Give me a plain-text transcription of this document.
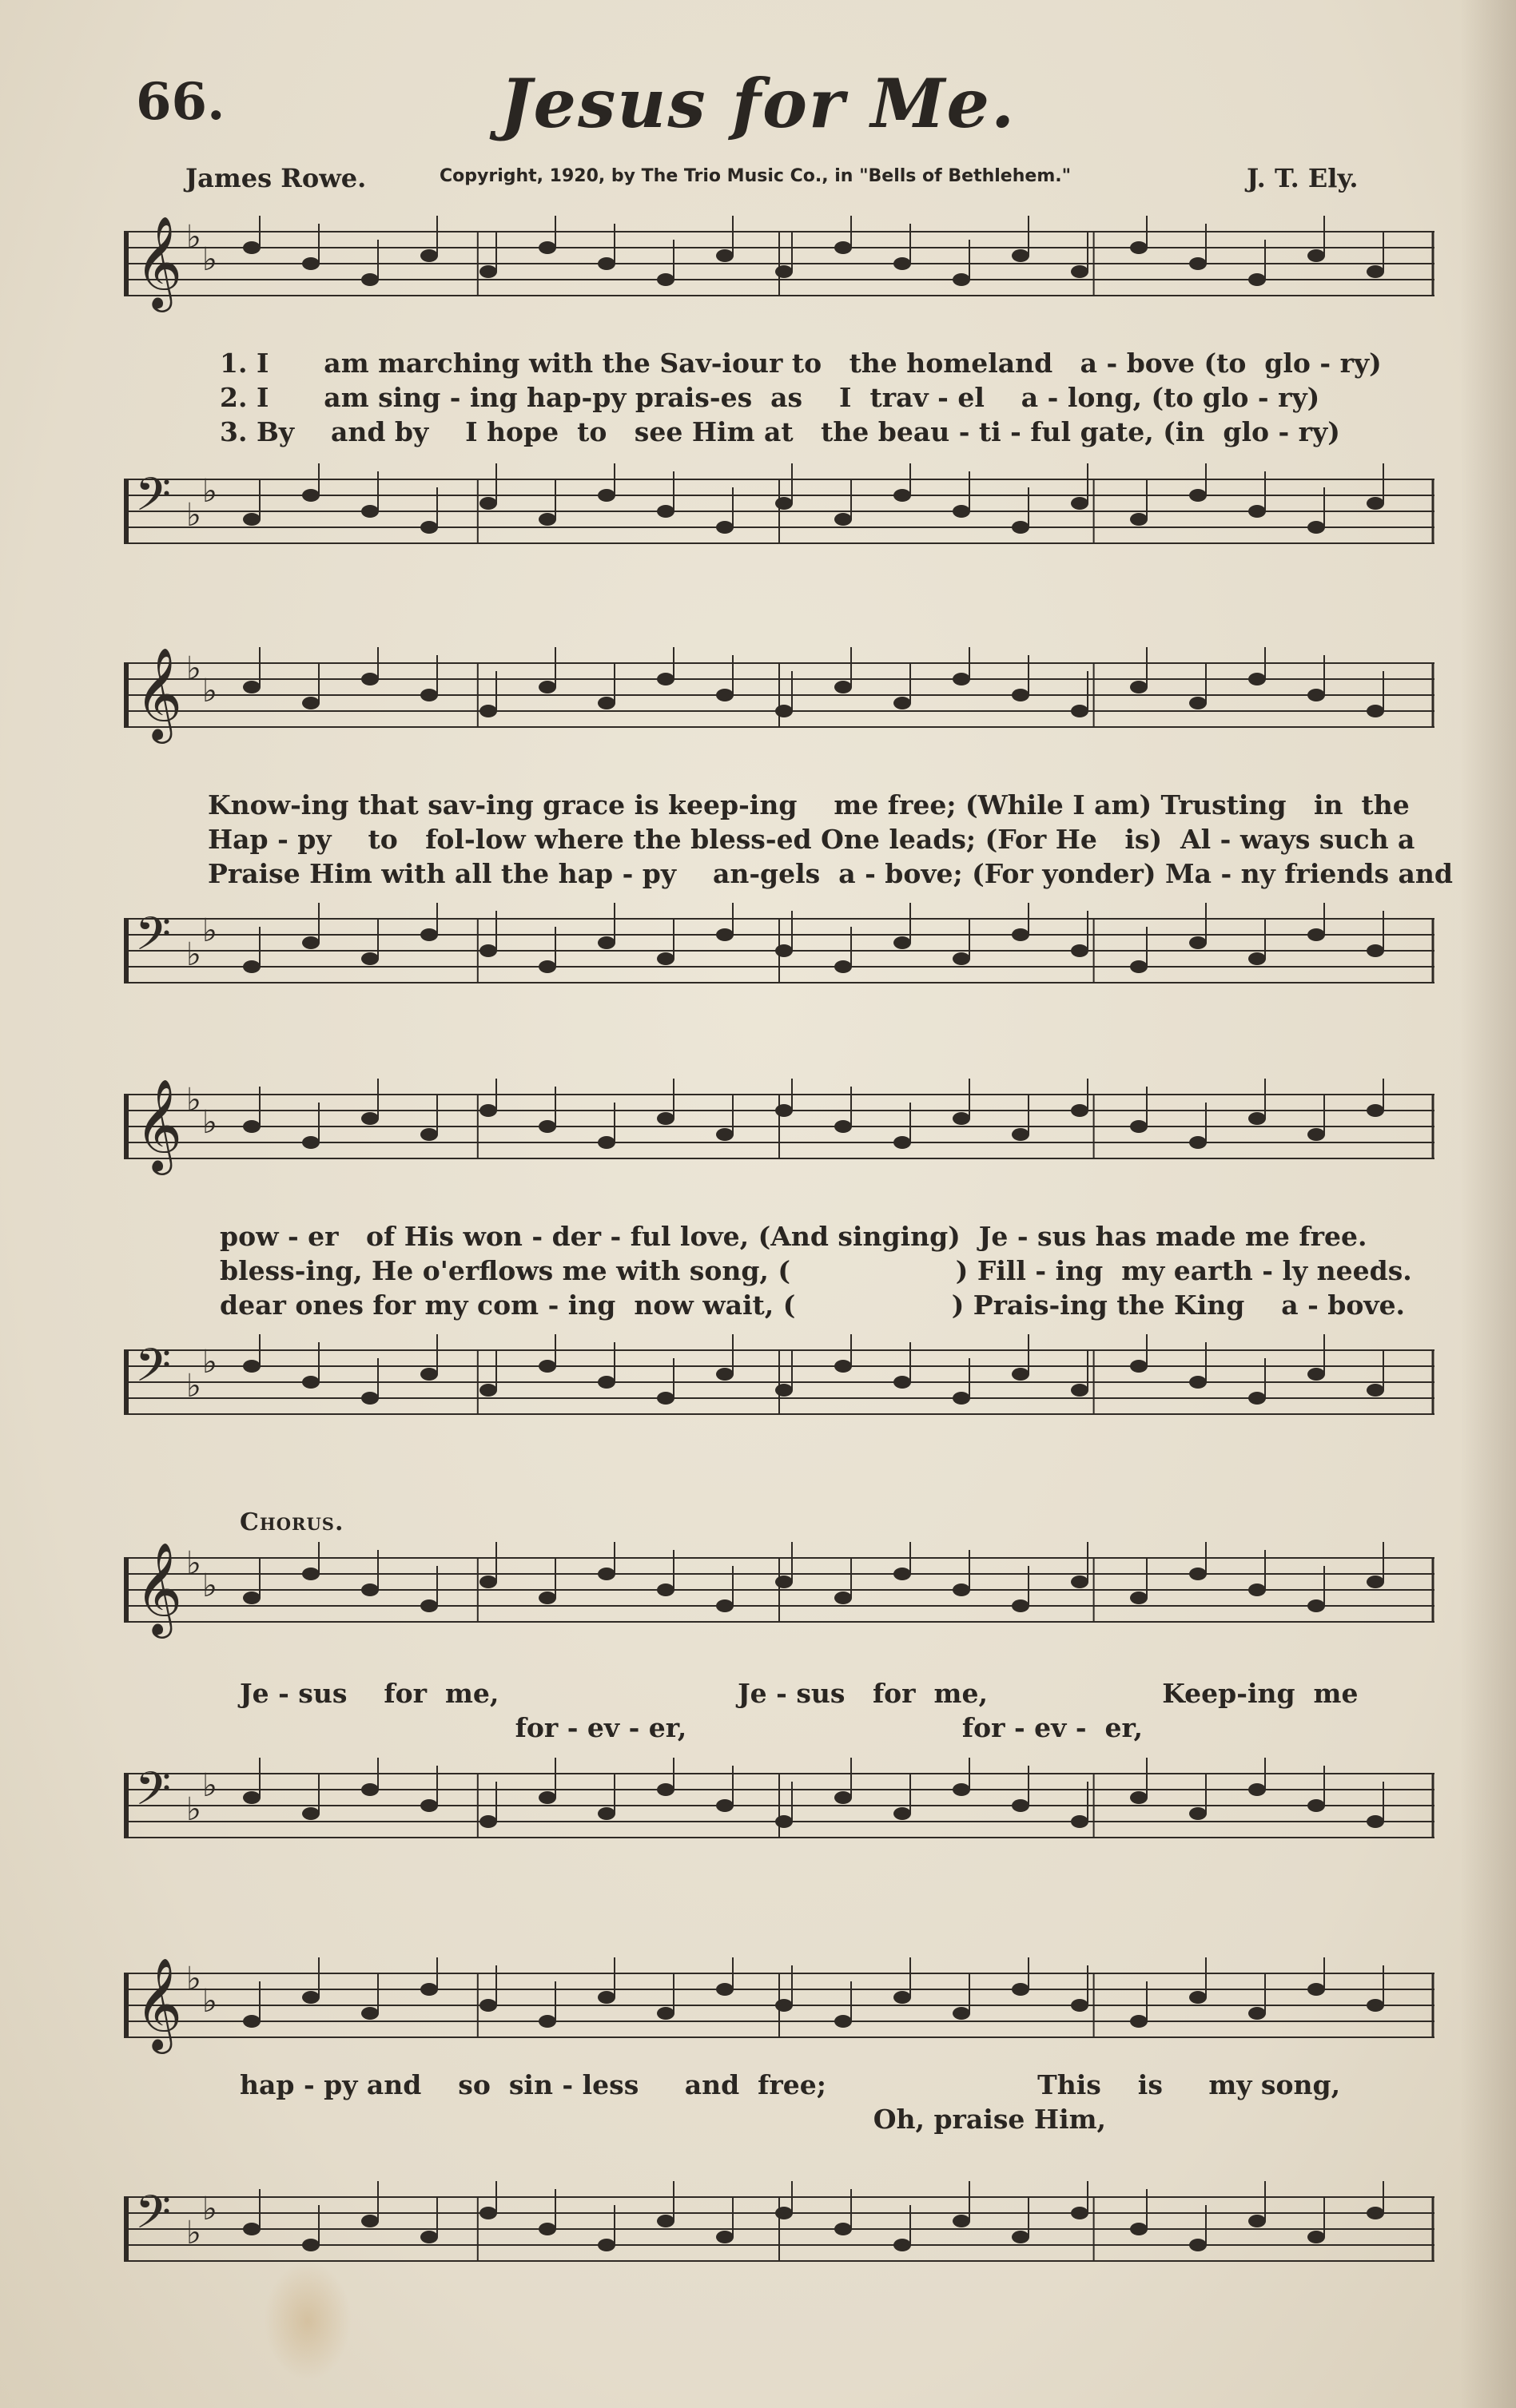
66.	Jesus for Me.
James Rowe.	Copyright, 1920, by The Trio Music Co., in "Bells of Bethlehem."	J. T. Ely.
𝄞 ♭
♭
1. I      am marching with the Sav-iour to   the homeland   a - bove (to  glo - ry)
2. I      am sing - ing hap-py prais-es  as    I  trav - el    a - long, (to glo - ry)
3. By    and by    I hope  to   see Him at   the beau - ti - ful gate, (in  glo - ry)
𝄢 ♭
♭
𝄞 ♭
♭
Know-ing that sav-ing grace is keep-ing    me free; (While I am) Trusting   in  the
Hap - py    to   fol-low where the bless-ed One leads; (For He   is)  Al - ways such a
Praise Him with all the hap - py    an-gels  a - bove; (For yonder) Ma - ny friends and
𝄢 ♭
♭
𝄞 ♭
♭
pow - er   of His won - der - ful love, (And singing)  Je - sus has made me free.
bless-ing, He o'erflows me with song, (                  ) Fill - ing  my earth - ly needs.
dear ones for my com - ing  now wait, (                 ) Prais-ing the King    a - bove.
𝄢 ♭
♭
Chorus.
𝄞 ♭
♭
Je - sus    for  me,                          Je - sus   for  me,                   Keep-ing  me
for - ev - er,                              for - ev -  er,
𝄢 ♭
♭
𝄞 ♭
♭
hap - py and    so  sin - less     and  free;                       This    is     my song,
Oh, praise Him,
𝄢 ♭
♭
